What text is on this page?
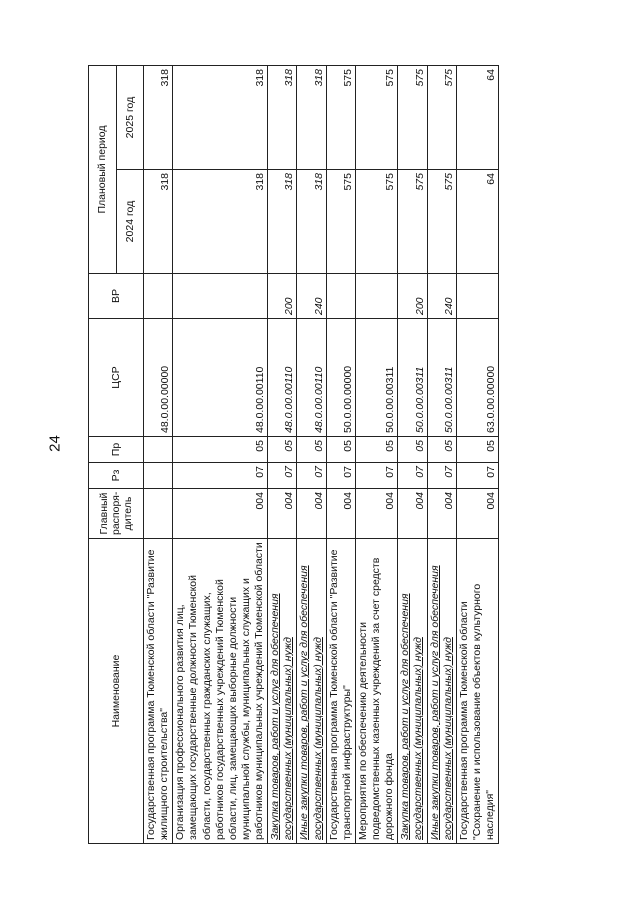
24
Наименование	Главный распоря-дитель	Рз	Пр	ЦСР	ВР	Плановый период	
						2024 год	2025 год
Государственная программа Тюменской области "Развитие жилищного строительства"				48.0.00.00000		318	318
Организация профессионального развития лиц, замещающих государственные должности Тюменской области, государственных гражданских служащих, работников государственных учреждений Тюменской области, лиц, замещающих выборные должности муниципальной службы, муниципальных служащих и работников муниципальных учреждений Тюменской области	004	07	05	48.0.00.00110		318	318
Закупка товаров, работ и услуг для обеспечения государственных (муниципальных) нужд	004	07	05	48.0.00.00110	200	318	318
Иные закупки товаров, работ и услуг для обеспечения государственных (муниципальных) нужд	004	07	05	48.0.00.00110	240	318	318
Государственная программа Тюменской области "Развитие транспортной инфраструктуры"	004	07	05	50.0.00.00000		575	575
Мероприятия по обеспечению деятельности подведомственных казенных учреждений за счет средств дорожного фонда	004	07	05	50.0.00.00311		575	575
Закупка товаров, работ и услуг для обеспечения государственных (муниципальных) нужд	004	07	05	50.0.00.00311	200	575	575
Иные закупки товаров, работ и услуг для обеспечения государственных (муниципальных) нужд	004	07	05	50.0.00.00311	240	575	575
Государственная программа Тюменской области "Сохранение и использование объектов культурного наследия"	004	07	05	63.0.00.00000		64	64
